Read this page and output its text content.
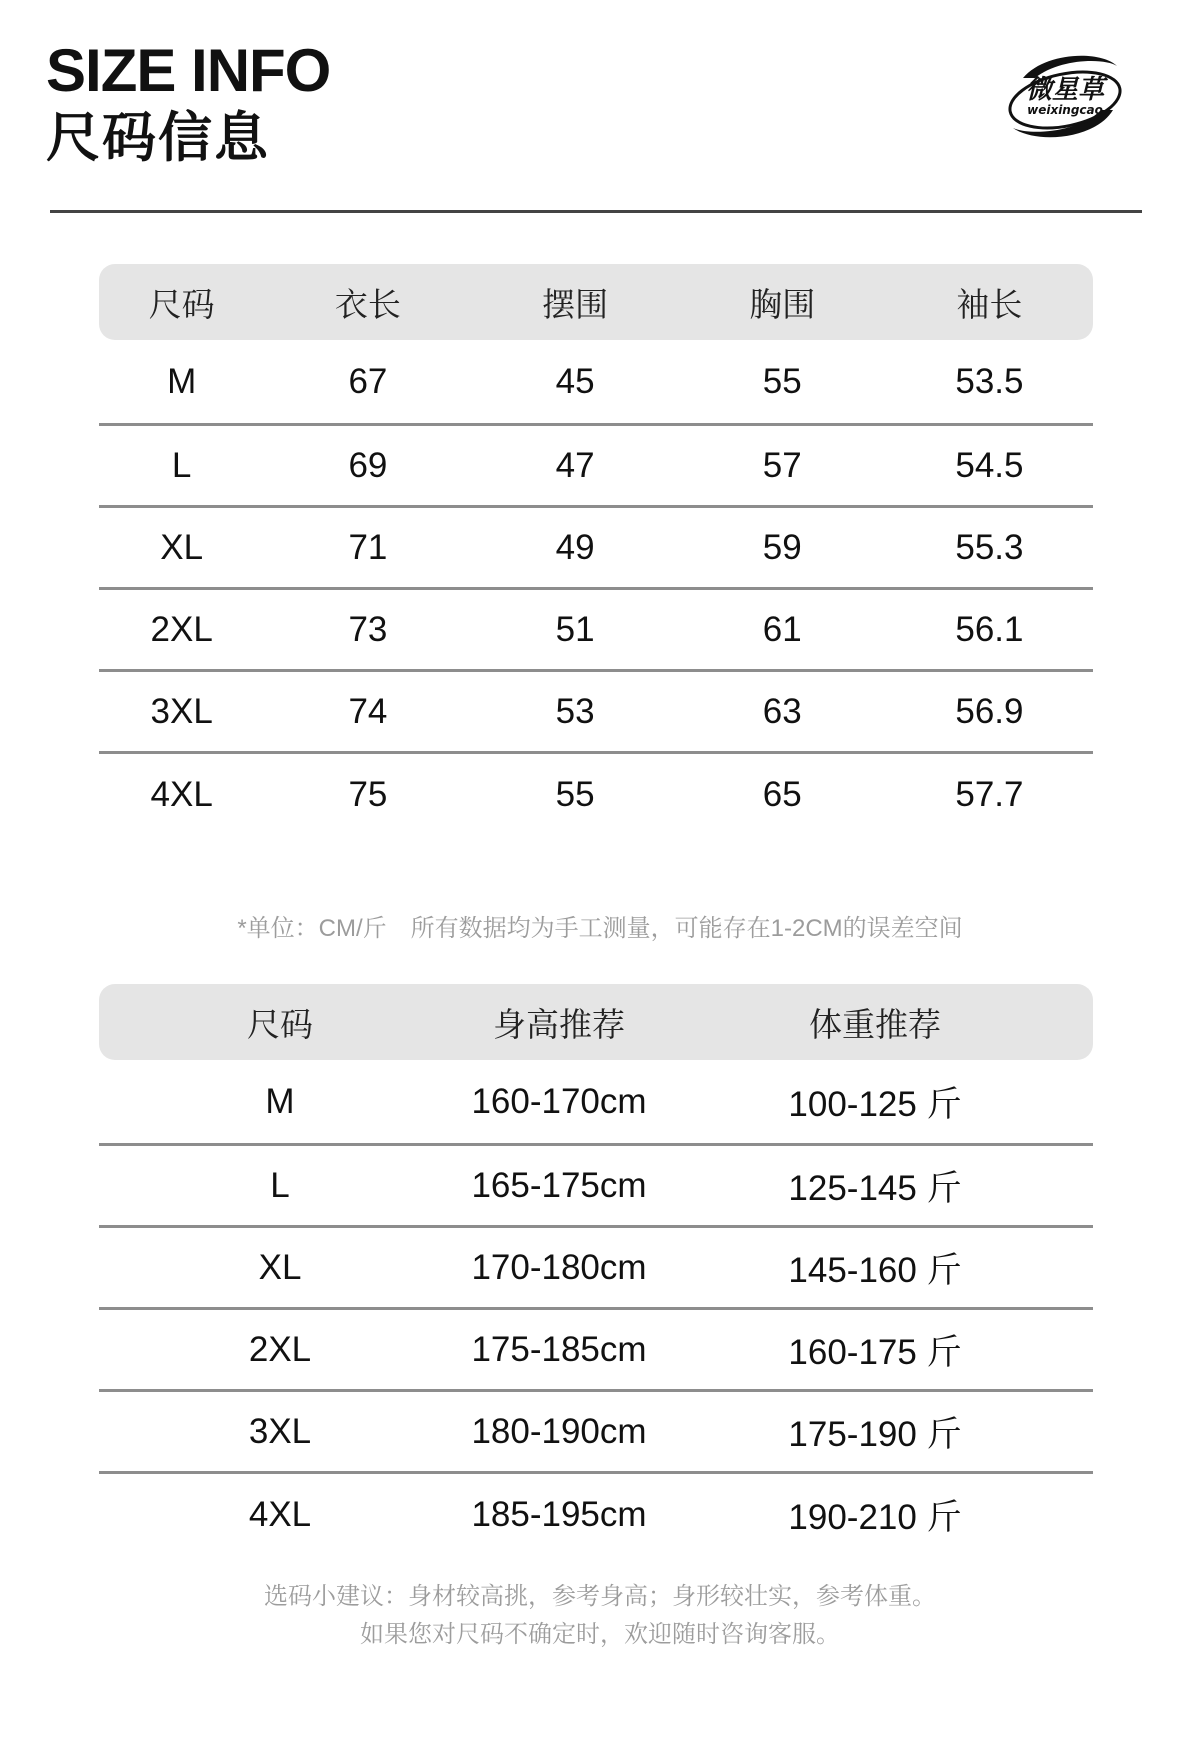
SIZE INFO
尺码信息
微星草
weixingcao
尺码	衣长	摆围	胸围	袖长
M	67	45	55	53.5
L	69	47	57	54.5
XL	71	49	59	55.3
2XL	73	51	61	56.1
3XL	74	53	63	56.9
4XL	75	55	65	57.7
*单位：CM/斤　所有数据均为手工测量，可能存在1-2CM的误差空间
尺码	身高推荐	体重推荐
M	160-170cm	100-125 斤
L	165-175cm	125-145 斤
XL	170-180cm	145-160 斤
2XL	175-185cm	160-175 斤
3XL	180-190cm	175-190 斤
4XL	185-195cm	190-210 斤
选码小建议：身材较高挑，参考身高；身形较壮实，参考体重。
如果您对尺码不确定时，欢迎随时咨询客服。
